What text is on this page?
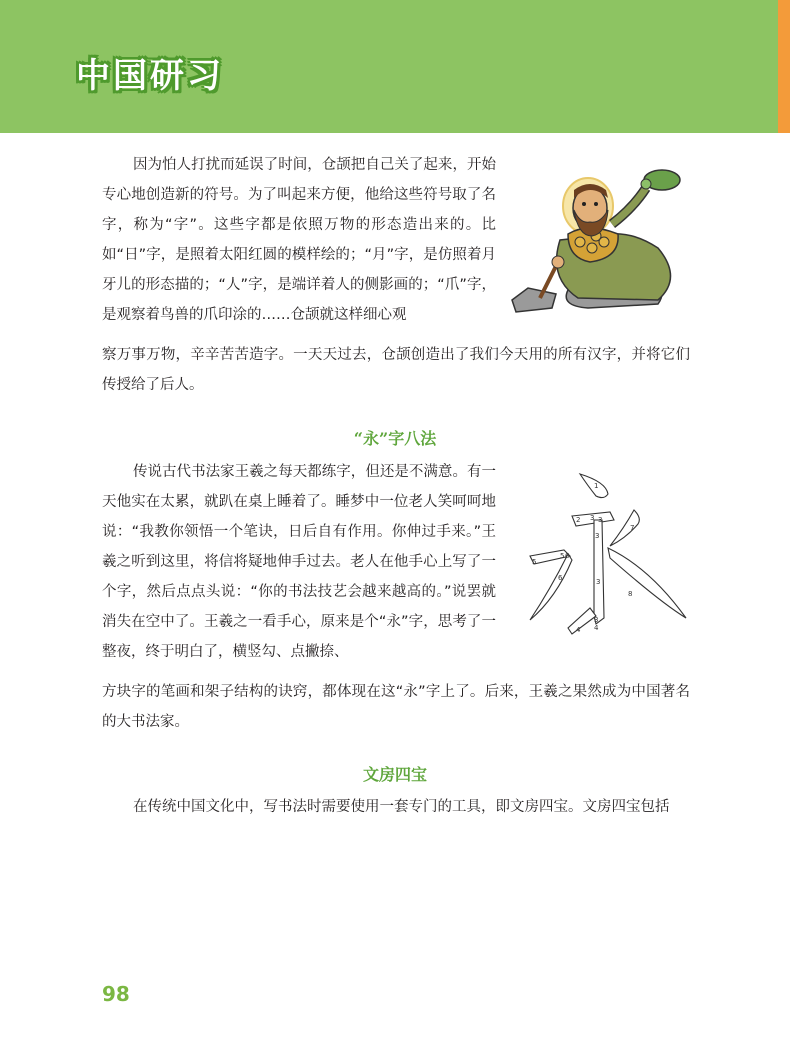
中国研习

因为怕人打扰而延误了时间，仓颉把自己关了起来，开始专心地创造新的符号。为了叫起来方便，他给这些符号取了名字，称为“字”。这些字都是依照万物的形态造出来的。比如“日”字，是照着太阳红圆的模样绘的；“月”字，是仿照着月牙儿的形态描的；“人”字，是端详着人的侧影画的；“爪”字，是观察着鸟兽的爪印涂的……仓颉就这样细心观

察万事万物，辛辛苦苦造字。一天天过去，仓颉创造出了我们今天用的所有汉字，并将它们传授给了后人。

“永”字八法

传说古代书法家王羲之每天都练字，但还是不满意。有一天他实在太累，就趴在桌上睡着了。睡梦中一位老人笑呵呵地说：“我教你领悟一个笔诀，日后自有作用。你伸过手来。”王羲之听到这里，将信将疑地伸手过去。老人在他手心上写了一个字，然后点点头说：“你的书法技艺会越来越高的。”说罢就消失在空中了。王羲之一看手心，原来是个“永”字，思考了一整夜，终于明白了，横竖勾、点撇捺、

方块字的笔画和架子结构的诀窍，都体现在这“永”字上了。后来，王羲之果然成为中国著名的大书法家。

1
2 3 3
7
3
5
5 6
6	3
8
3
4
4
文房四宝

在传统中国文化中，写书法时需要使用一套专门的工具，即文房四宝。文房四宝包括

98
